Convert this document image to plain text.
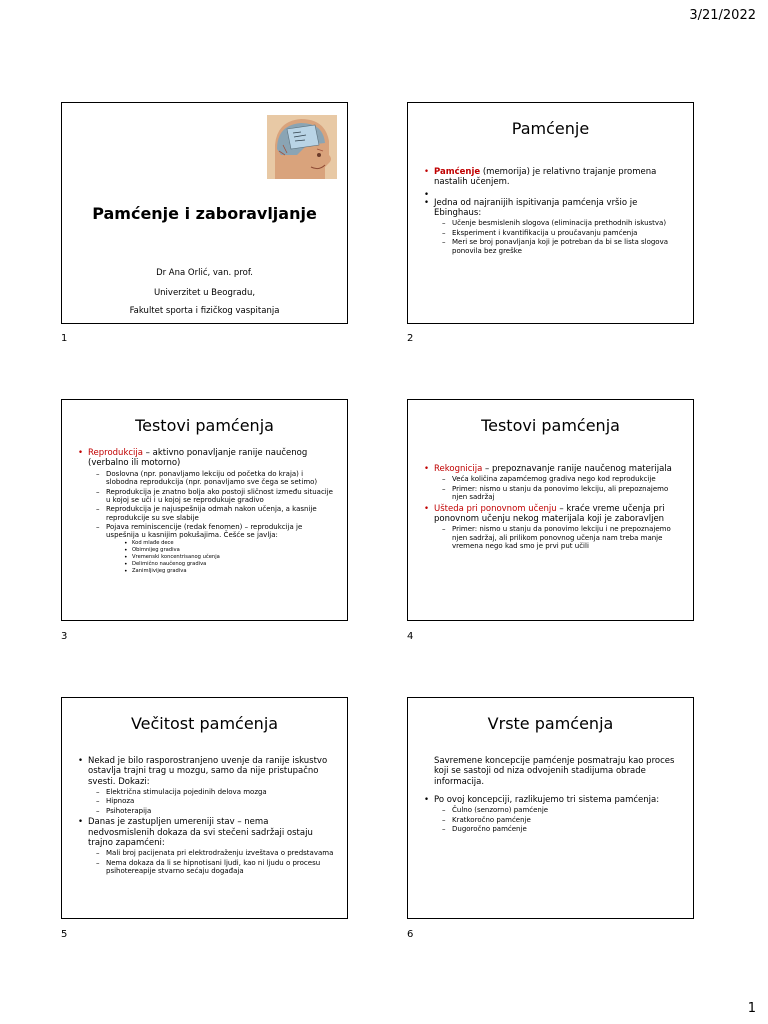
3/21/2022
Pamćenje i zaboravljanje
Dr Ana Orlić, van. prof.
Univerzitet u Beogradu,
Fakultet sporta i fizičkog vaspitanja
1
Pamćenje
• Pamćenje (memorija) je relativno trajanje promena nastalih učenjem.
•
• Jedna od najranijih ispitivanja pamćenja vršio je Ebinghaus:
– Učenje besmislenih slogova (eliminacija prethodnih iskustva)
– Eksperiment i kvantifikacija u proučavanju pamćenja
– Meri se broj ponavljanja koji je potreban da bi se lista slogova ponovila bez greške
2
Testovi pamćenja
• Reprodukcija – aktivno ponavljanje ranije naučenog (verbalno ili motorno)
– Doslovna (npr. ponavljamo lekciju od početka do kraja) i slobodna reprodukcija (npr. ponavljamo sve čega se setimo)
– Reprodukcija je znatno bolja ako postoji sličnost između situacije u kojoj se uči i u kojoj se reprodukuje gradivo
– Reprodukcija je najuspešnija odmah nakon učenja, a kasnije reprodukcije su sve slabije
– Pojava reminiscencije (redak fenomen) – reprodukcija je uspešnija u kasnijim pokušajima. Češće se javlja:
• Kod mlađe dece
• Obimnijeg gradiva
• Vremenski koncentrisanog učenja
• Delimično naučenog gradiva
• Zanimljivijeg gradiva
3
Testovi pamćenja
• Rekognicija – prepoznavanje ranije naučenog materijala
– Veća količina zapamćemog gradiva nego kod reprodukcije
– Primer: nismo u stanju da ponovimo lekciju, ali prepoznajemo njen sadržaj
• Ušteda pri ponovnom učenju – kraće vreme učenja pri ponovnom učenju nekog materijala koji je zaboravljen
– Primer: nismo u stanju da ponovimo lekciju i ne prepoznajemo njen sadržaj, ali prilikom ponovnog učenja nam treba manje vremena nego kad smo je prvi put učili
4
Večitost pamćenja
• Nekad je bilo rasporostranjeno uvenje da ranije iskustvo ostavlja trajni trag u mozgu, samo da nije pristupačno svesti. Dokazi:
– Električna stimulacija pojedinih delova mozga
– Hipnoza
– Psihoterapija
• Danas je zastupljen umereniji stav – nema nedvosmislenih dokaza da svi stečeni sadržaji ostaju trajno zapamćeni:
– Mali broj pacijenata pri elektrodraženju izveštava o predstavama
– Nema dokaza da li se hipnotisani ljudi, kao ni ljudu o procesu psihotereapije stvarno sećaju događaja
5
Vrste pamćenja
Savremene koncepcije pamćenje posmatraju kao proces koji se sastoji od niza odvojenih stadijuma obrade informacija.
• Po ovoj koncepciji, razlikujemo tri sistema pamćenja:
– Čulno (senzorno) pamćenje
– Kratkoročno pamćenje
– Dugoročno pamćenje
6
1
